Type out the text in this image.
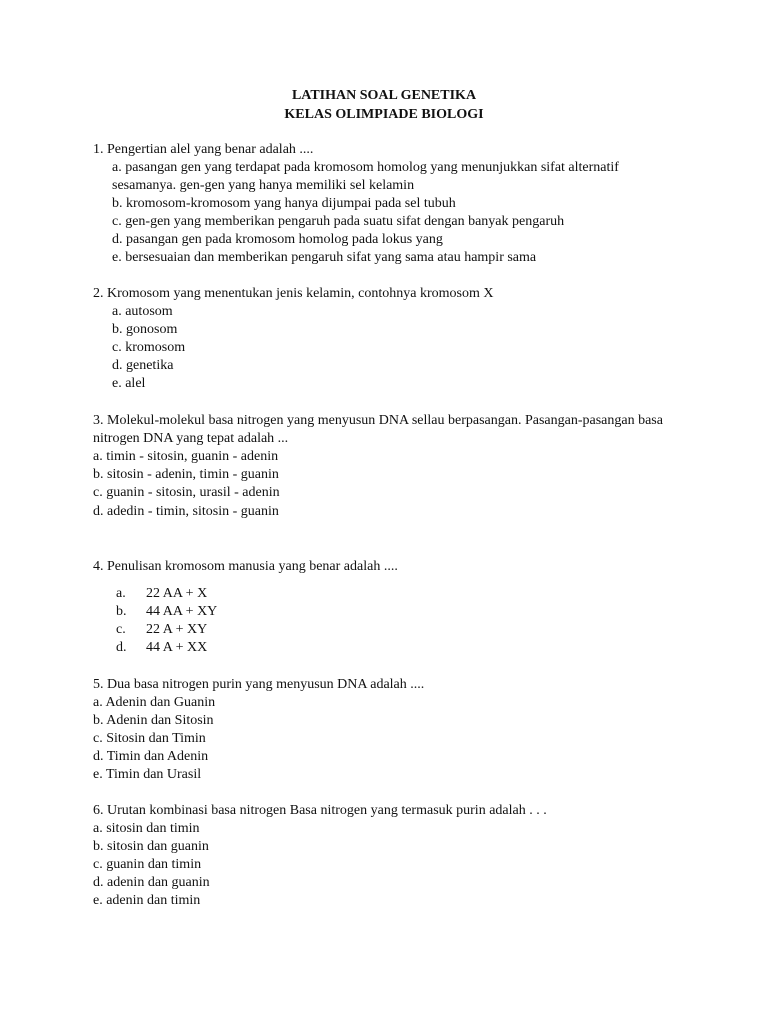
LATIHAN SOAL GENETIKA
KELAS OLIMPIADE BIOLOGI
1. Pengertian alel yang benar adalah ....
a. pasangan gen yang terdapat pada kromosom homolog yang menunjukkan sifat alternatif
sesamanya. gen-gen yang hanya memiliki sel kelamin
b. kromosom-kromosom yang hanya dijumpai pada sel tubuh
c. gen-gen yang memberikan pengaruh pada suatu sifat dengan banyak pengaruh
d. pasangan gen pada kromosom homolog pada lokus yang
e. bersesuaian dan memberikan pengaruh sifat yang sama atau hampir sama
2. Kromosom yang menentukan jenis kelamin, contohnya kromosom X
a. autosom
b. gonosom
c. kromosom
d. genetika
e. alel
3. Molekul-molekul basa nitrogen yang menyusun DNA sellau berpasangan. Pasangan-pasangan basa
nitrogen DNA yang tepat adalah ...
a. timin - sitosin, guanin - adenin
b. sitosin - adenin, timin - guanin
c. guanin - sitosin, urasil - adenin
d. adedin - timin, sitosin - guanin
4. Penulisan kromosom manusia yang benar adalah ....
a. 22 AA + X
b. 44 AA + XY
c. 22 A + XY
d. 44 A + XX
5. Dua basa nitrogen purin yang menyusun DNA adalah ....
a. Adenin dan Guanin
b. Adenin dan Sitosin
c. Sitosin dan Timin
d. Timin dan Adenin
e. Timin dan Urasil
6. Urutan kombinasi basa nitrogen Basa nitrogen yang termasuk purin adalah . . .
a. sitosin dan timin
b. sitosin dan guanin
c. guanin dan timin
d. adenin dan guanin
e. adenin dan timin
